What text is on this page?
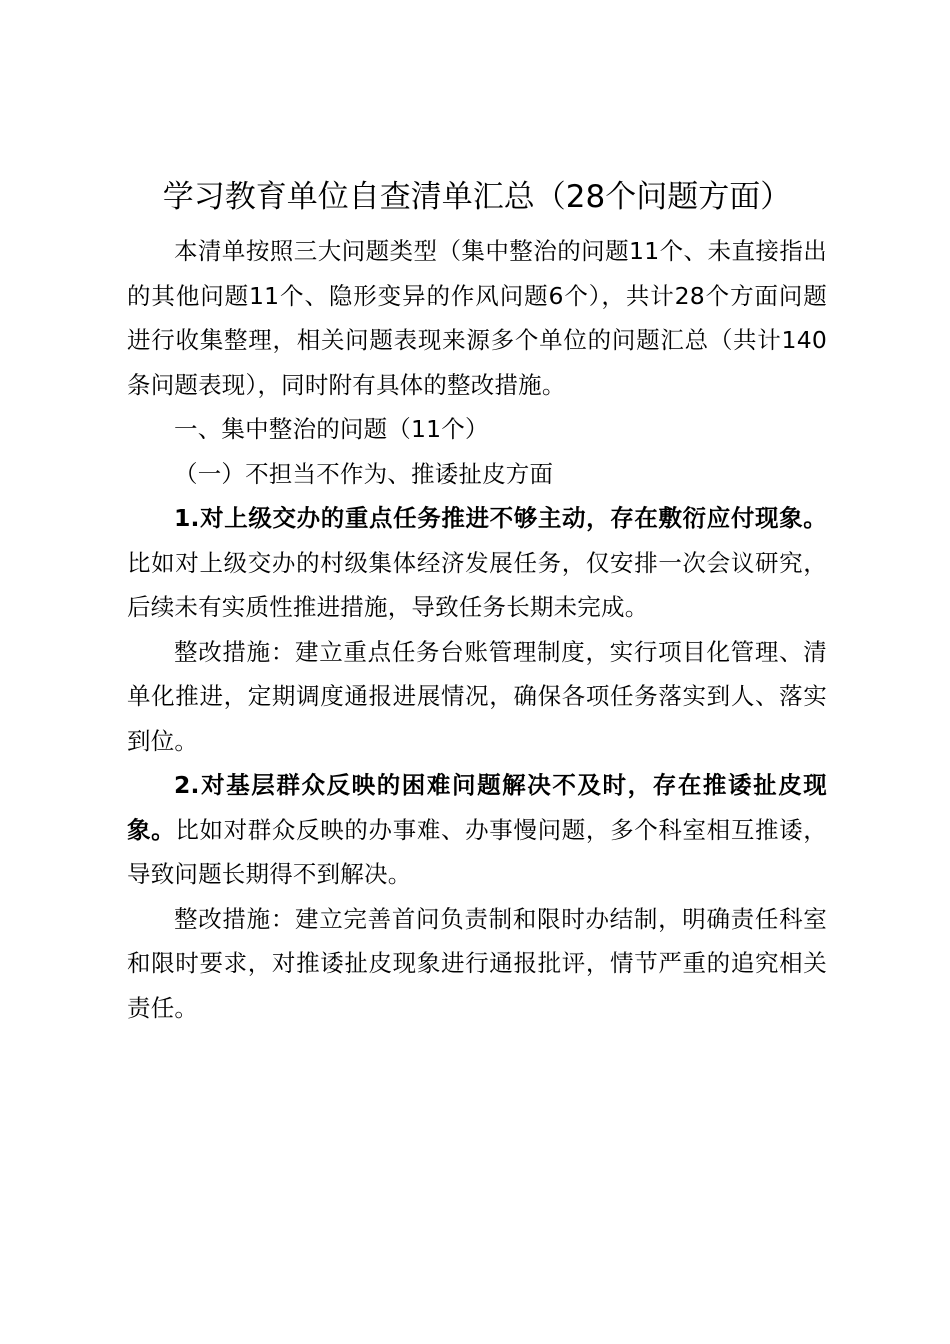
学习教育单位自查清单汇总（28个问题方面）

本清单按照三大问题类型（集中整治的问题11个、未直接指出的其他问题11个、隐形变异的作风问题6个），共计28个方面问题进行收集整理，相关问题表现来源多个单位的问题汇总（共计140条问题表现），同时附有具体的整改措施。

一、集中整治的问题（11个）

（一）不担当不作为、推诿扯皮方面

1.对上级交办的重点任务推进不够主动，存在敷衍应付现象。比如对上级交办的村级集体经济发展任务，仅安排一次会议研究，后续未有实质性推进措施，导致任务长期未完成。

整改措施：建立重点任务台账管理制度，实行项目化管理、清单化推进，定期调度通报进展情况，确保各项任务落实到人、落实到位。

2.对基层群众反映的困难问题解决不及时，存在推诿扯皮现象。比如对群众反映的办事难、办事慢问题，多个科室相互推诿，导致问题长期得不到解决。

整改措施：建立完善首问负责制和限时办结制，明确责任科室和限时要求，对推诿扯皮现象进行通报批评，情节严重的追究相关责任。
